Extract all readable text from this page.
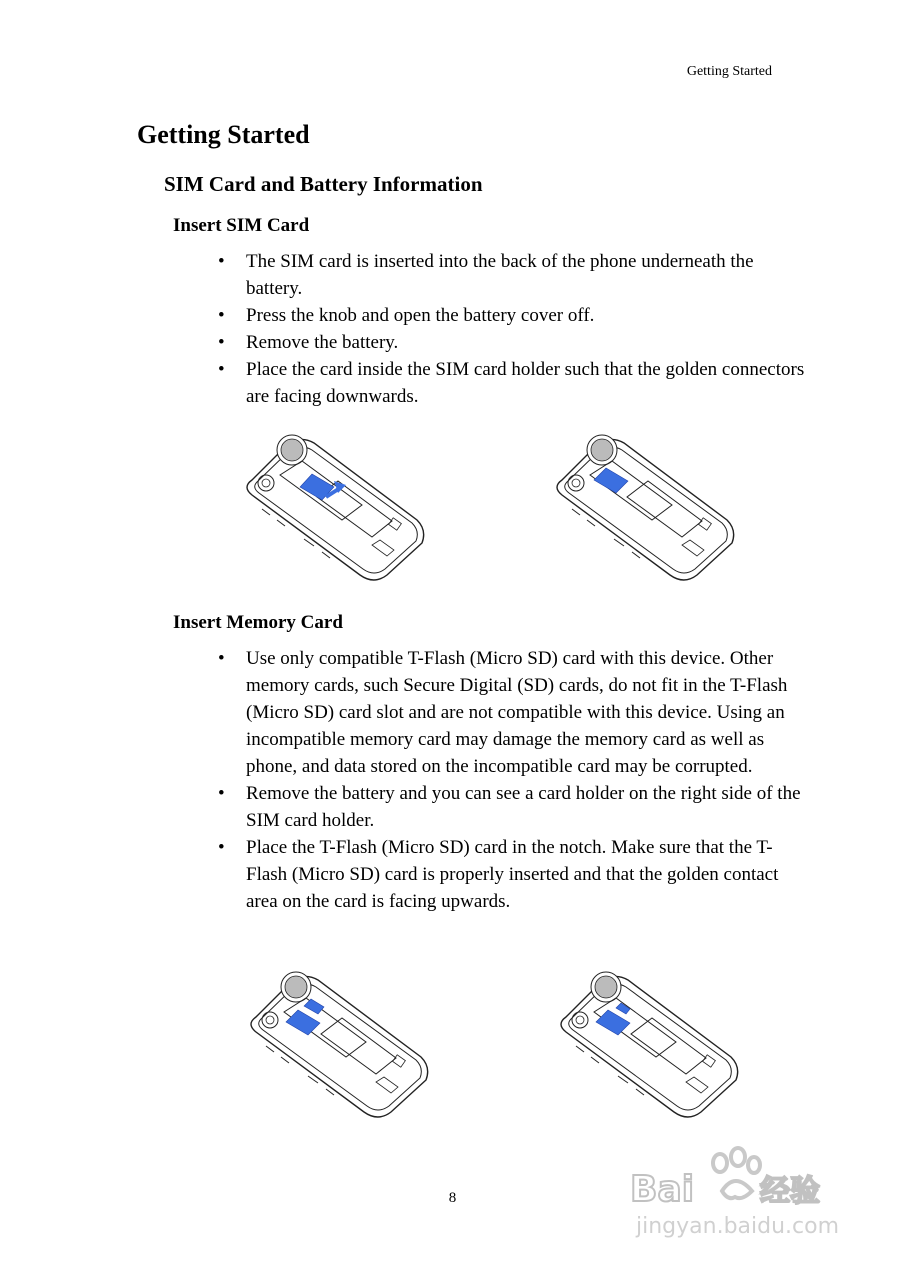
Getting Started
Getting Started
SIM Card and Battery Information
Insert SIM Card
• The SIM card is inserted into the back of the phone underneath the battery.
• Press the knob and open the battery cover off.
• Remove the battery.
• Place the card inside the SIM card holder such that the golden connectors are facing downwards.
Insert Memory Card
• Use only compatible T-Flash (Micro SD) card with this device. Other memory cards, such Secure Digital (SD) cards, do not fit in the T-Flash (Micro SD) card slot and are not compatible with this device. Using an incompatible memory card may damage the memory card as well as phone, and data stored on the incompatible card may be corrupted.
• Remove the battery and you can see a card holder on the right side of the SIM card holder.
• Place the T-Flash (Micro SD) card in the notch. Make sure that the T-Flash (Micro SD) card is properly inserted and that the golden contact area on the card is facing upwards.
8	Bai 经验
jingyan.baidu.com
